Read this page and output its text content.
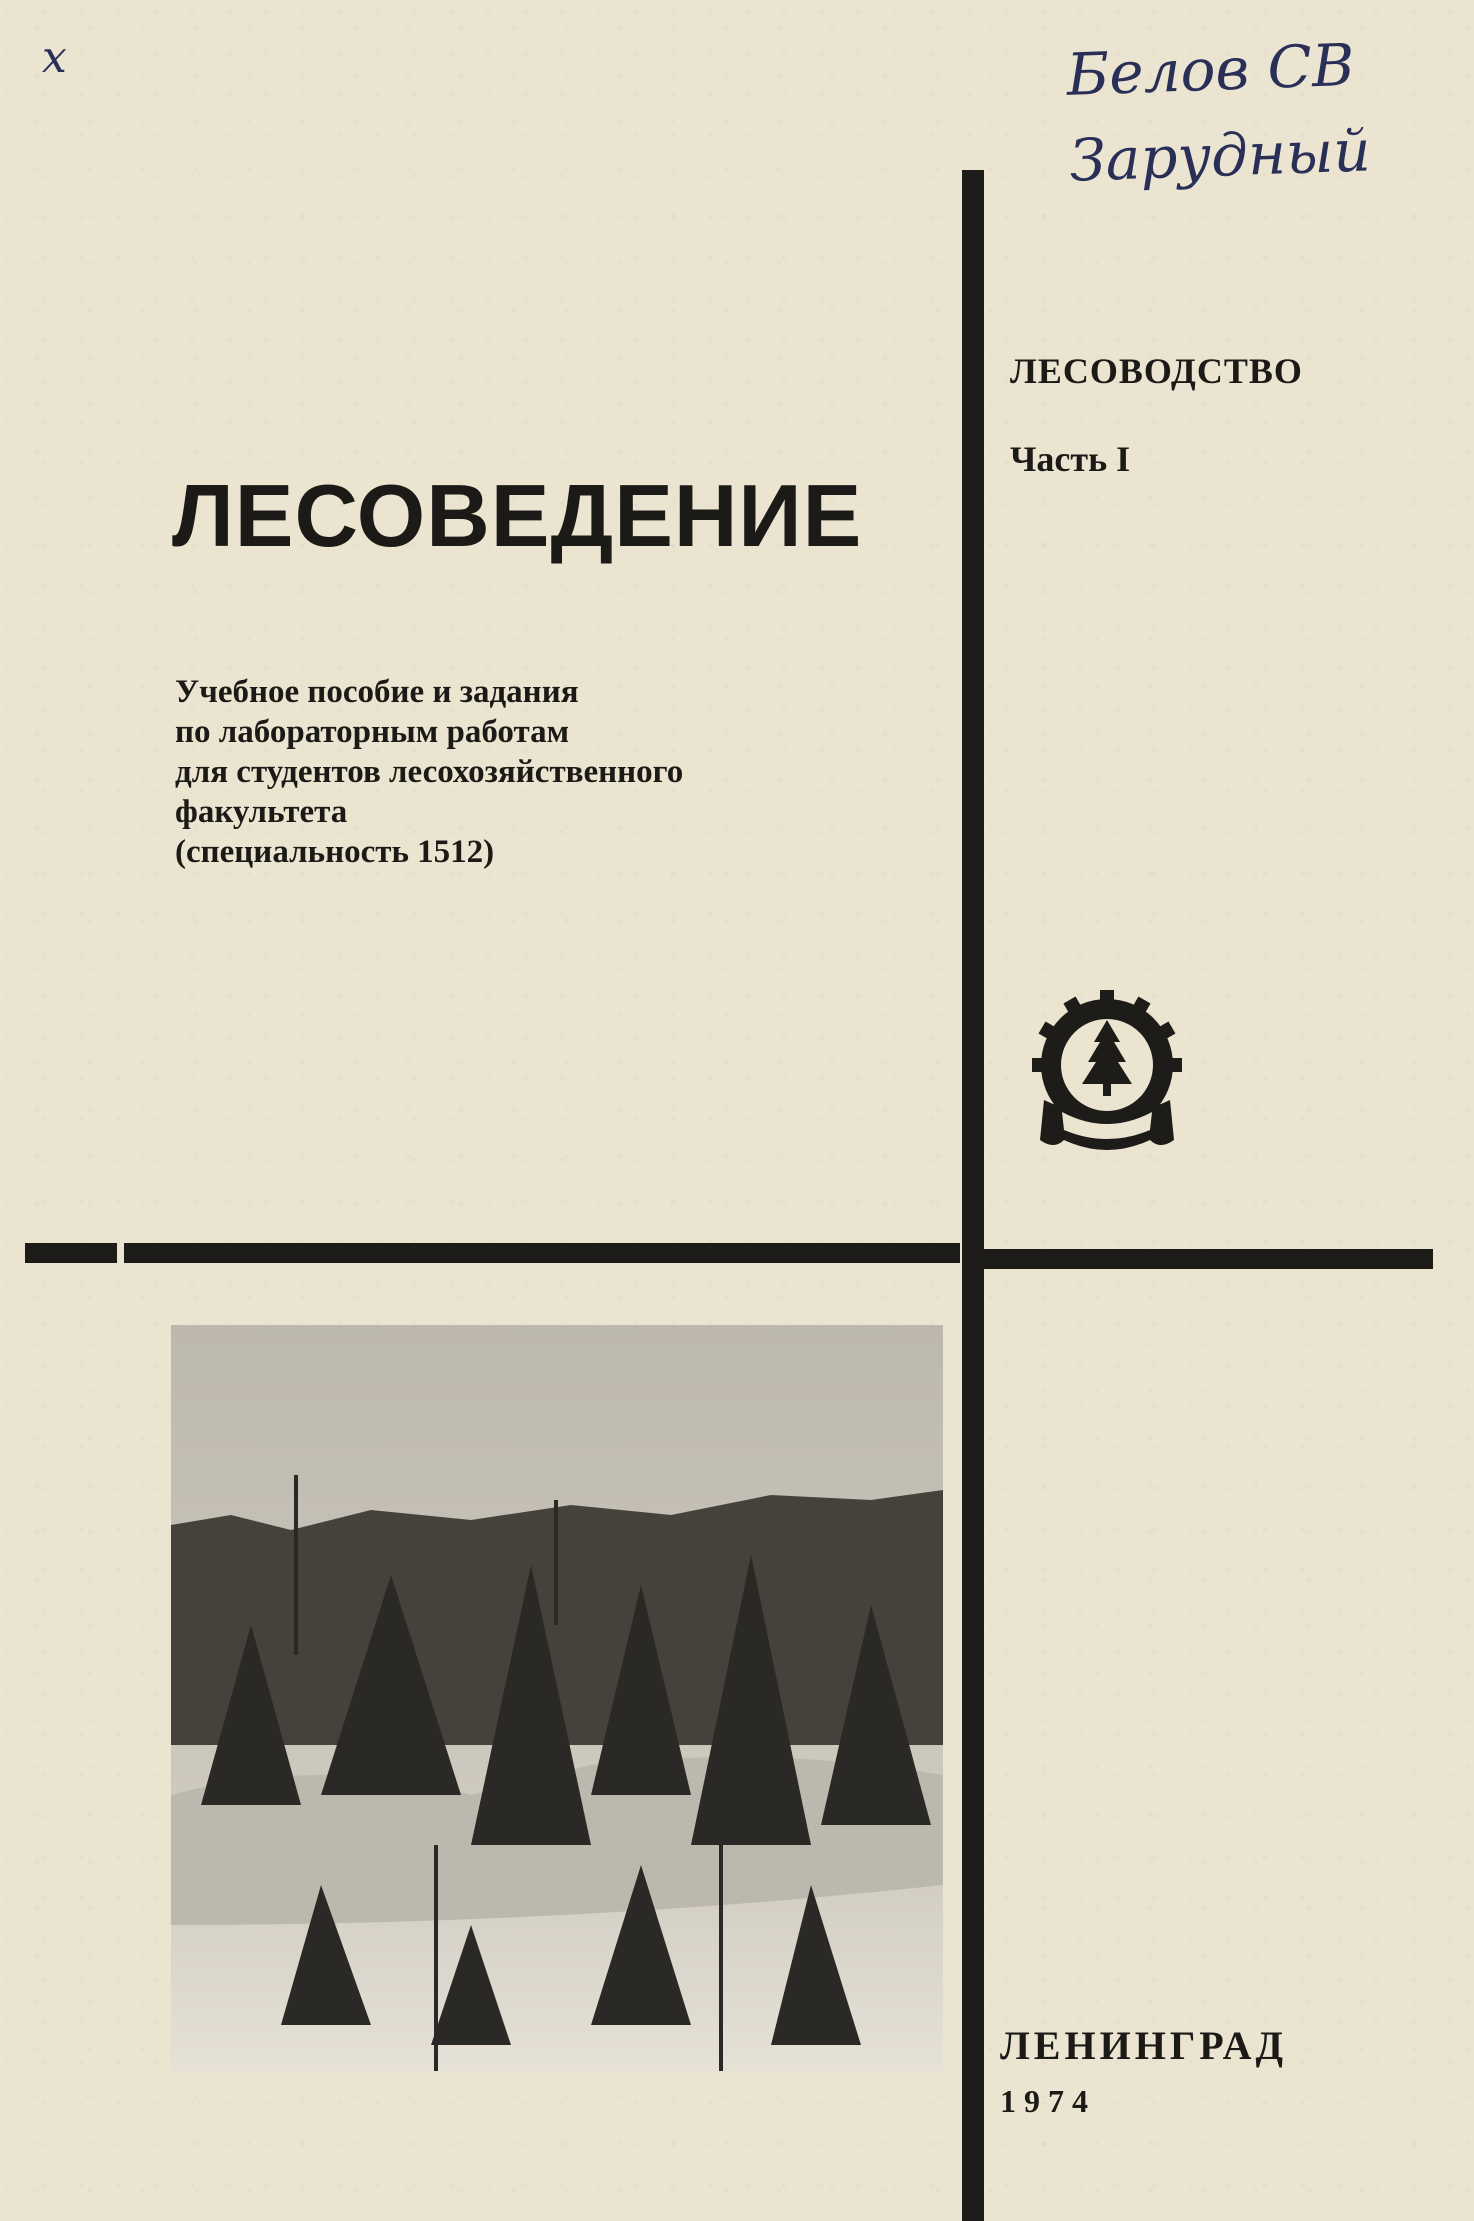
x	Белов СВ
Зарудный
ЛЕСОВОДСТВО
Часть I
ЛЕСОВЕДЕНИЕ
Учебное пособие и задания
по лабораторным работам
для студентов лесохозяйственного
факультета
(специальность 1512)
ЛЕНИНГРАД
1974
